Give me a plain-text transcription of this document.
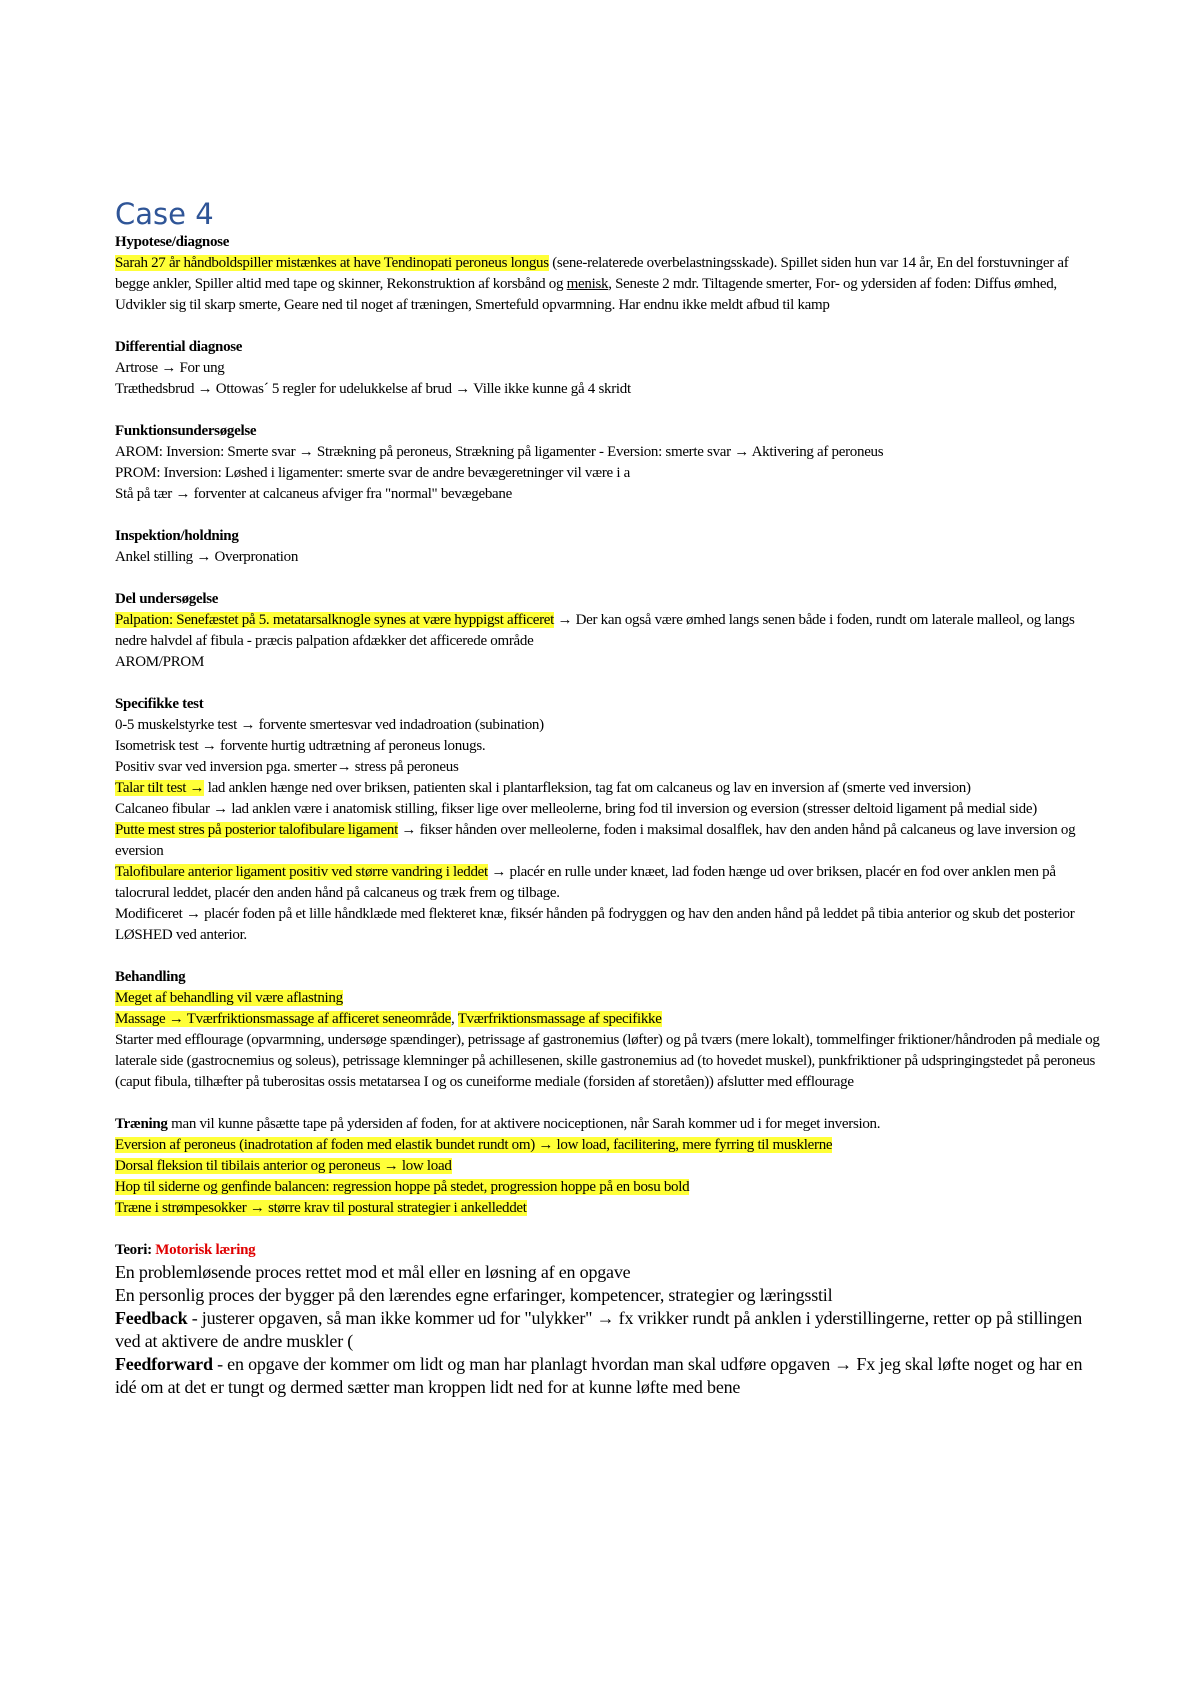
Case 4

Hypotese/diagnose

Sarah 27 år håndboldspiller mistænkes at have Tendinopati peroneus longus (sene-relaterede overbelastningsskade). Spillet siden hun var 14 år, En del forstuvninger af begge ankler, Spiller altid med tape og skinner, Rekonstruktion af korsbånd og menisk, Seneste 2 mdr. Tiltagende smerter, For- og ydersiden af foden: Diffus ømhed, Udvikler sig til skarp smerte, Geare ned til noget af træningen, Smertefuld opvarmning. Har endnu ikke meldt afbud til kamp

Differential diagnose

Artrose → For ung

Træthedsbrud → Ottowas´ 5 regler for udelukkelse af brud → Ville ikke kunne gå 4 skridt

Funktionsundersøgelse

AROM: Inversion: Smerte svar → Strækning på peroneus, Strækning på ligamenter - Eversion: smerte svar → Aktivering af peroneus

PROM: Inversion: Løshed i ligamenter: smerte svar de andre bevægeretninger vil være i a

Stå på tær → forventer at calcaneus afviger fra "normal" bevægebane

Inspektion/holdning

Ankel stilling → Overpronation

Del undersøgelse

Palpation: Senefæstet på 5. metatarsalknogle synes at være hyppigst afficeret → Der kan også være ømhed langs senen både i foden, rundt om laterale malleol, og langs nedre halvdel af fibula - præcis palpation afdækker det afficerede område

AROM/PROM

Specifikke test

0-5 muskelstyrke test → forvente smertesvar ved indadroation (subination)

Isometrisk test → forvente hurtig udtrætning af peroneus lonugs.

Positiv svar ved inversion pga. smerter→ stress på peroneus

Talar tilt test → lad anklen hænge ned over briksen, patienten skal i plantarfleksion, tag fat om calcaneus og lav en inversion af (smerte ved inversion)

Calcaneo fibular → lad anklen være i anatomisk stilling, fikser lige over melleolerne, bring fod til inversion og eversion (stresser deltoid ligament på medial side)

Putte mest stres på posterior talofibulare ligament → fikser hånden over melleolerne, foden i maksimal dosalflek, hav den anden hånd på calcaneus og lave inversion og eversion

Talofibulare anterior ligament positiv ved større vandring i leddet → placér en rulle under knæet, lad foden hænge ud over briksen, placér en fod over anklen men på talocrural leddet, placér den anden hånd på calcaneus og træk frem og tilbage.

Modificeret → placér foden på et lille håndklæde med flekteret knæ, fiksér hånden på fodryggen og hav den anden hånd på leddet på tibia anterior og skub det posterior LØSHED ved anterior.

Behandling

Meget af behandling vil være aflastning

Massage → Tværfriktionsmassage af afficeret seneområde, Tværfriktionsmassage af specifikke

Starter med efflourage (opvarmning, undersøge spændinger), petrissage af gastronemius (løfter) og på tværs (mere lokalt), tommelfinger friktioner/håndroden på mediale og laterale side (gastrocnemius og soleus), petrissage klemninger på achillesenen, skille gastronemius ad (to hovedet muskel), punkfriktioner på udspringingstedet på peroneus (caput fibula, tilhæfter på tuberositas ossis metatarsea I og os cuneiforme mediale (forsiden af storetåen)) afslutter med efflourage

Træning man vil kunne påsætte tape på ydersiden af foden, for at aktivere nociceptionen, når Sarah kommer ud i for meget inversion.

Eversion af peroneus (inadrotation af foden med elastik bundet rundt om) → low load, facilitering, mere fyrring til musklerne

Dorsal fleksion til tibilais anterior og peroneus → low load

Hop til siderne og genfinde balancen: regression hoppe på stedet, progression hoppe på en bosu bold

Træne i strømpesokker → større krav til postural strategier i ankelleddet

Teori: Motorisk læring

En problemløsende proces rettet mod et mål eller en løsning af en opgave

En personlig proces der bygger på den lærendes egne erfaringer, kompetencer, strategier og læringsstil

Feedback - justerer opgaven, så man ikke kommer ud for "ulykker" → fx vrikker rundt på anklen i yderstillingerne, retter op på stillingen ved at aktivere de andre muskler (

Feedforward - en opgave der kommer om lidt og man har planlagt hvordan man skal udføre opgaven → Fx jeg skal løfte noget og har en idé om at det er tungt og dermed sætter man kroppen lidt ned for at kunne løfte med bene
